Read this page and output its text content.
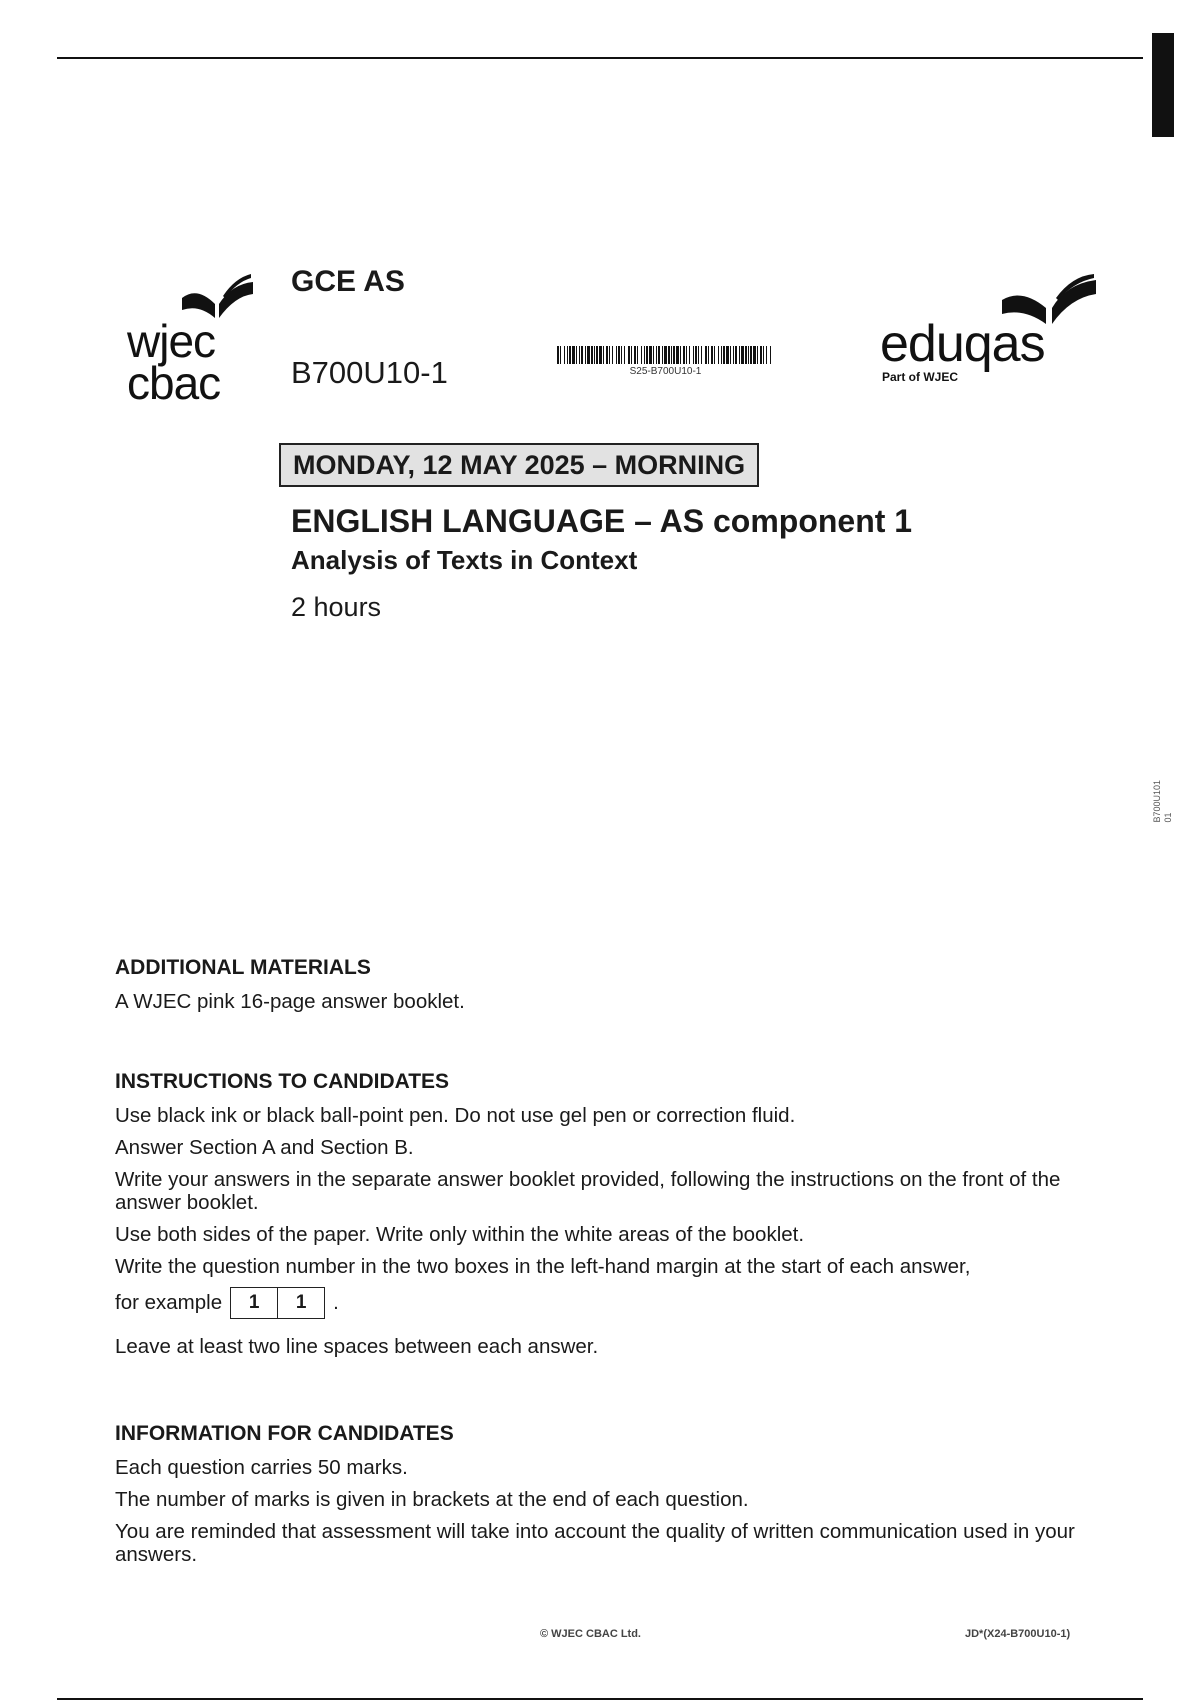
wjec
cbac
GCE AS
B700U10-1	S25-B700U10-1	eduqas
Part of WJEC
MONDAY, 12 MAY 2025 – MORNING
ENGLISH LANGUAGE – AS component 1
Analysis of Texts in Context
2 hours
B700U101
01
ADDITIONAL MATERIALS
A WJEC pink 16-page answer booklet.
INSTRUCTIONS TO CANDIDATES
Use black ink or black ball-point pen. Do not use gel pen or correction fluid.
Answer Section A and Section B.
Write your answers in the separate answer booklet provided, following the instructions on the front of the answer booklet.
Use both sides of the paper. Write only within the white areas of the booklet.
Write the question number in the two boxes in the left-hand margin at the start of each answer,
for example	1	1	.
Leave at least two line spaces between each answer.
INFORMATION FOR CANDIDATES
Each question carries 50 marks.
The number of marks is given in brackets at the end of each question.
You are reminded that assessment will take into account the quality of written communication used in your answers.
© WJEC CBAC Ltd.	JD*(X24-B700U10-1)
